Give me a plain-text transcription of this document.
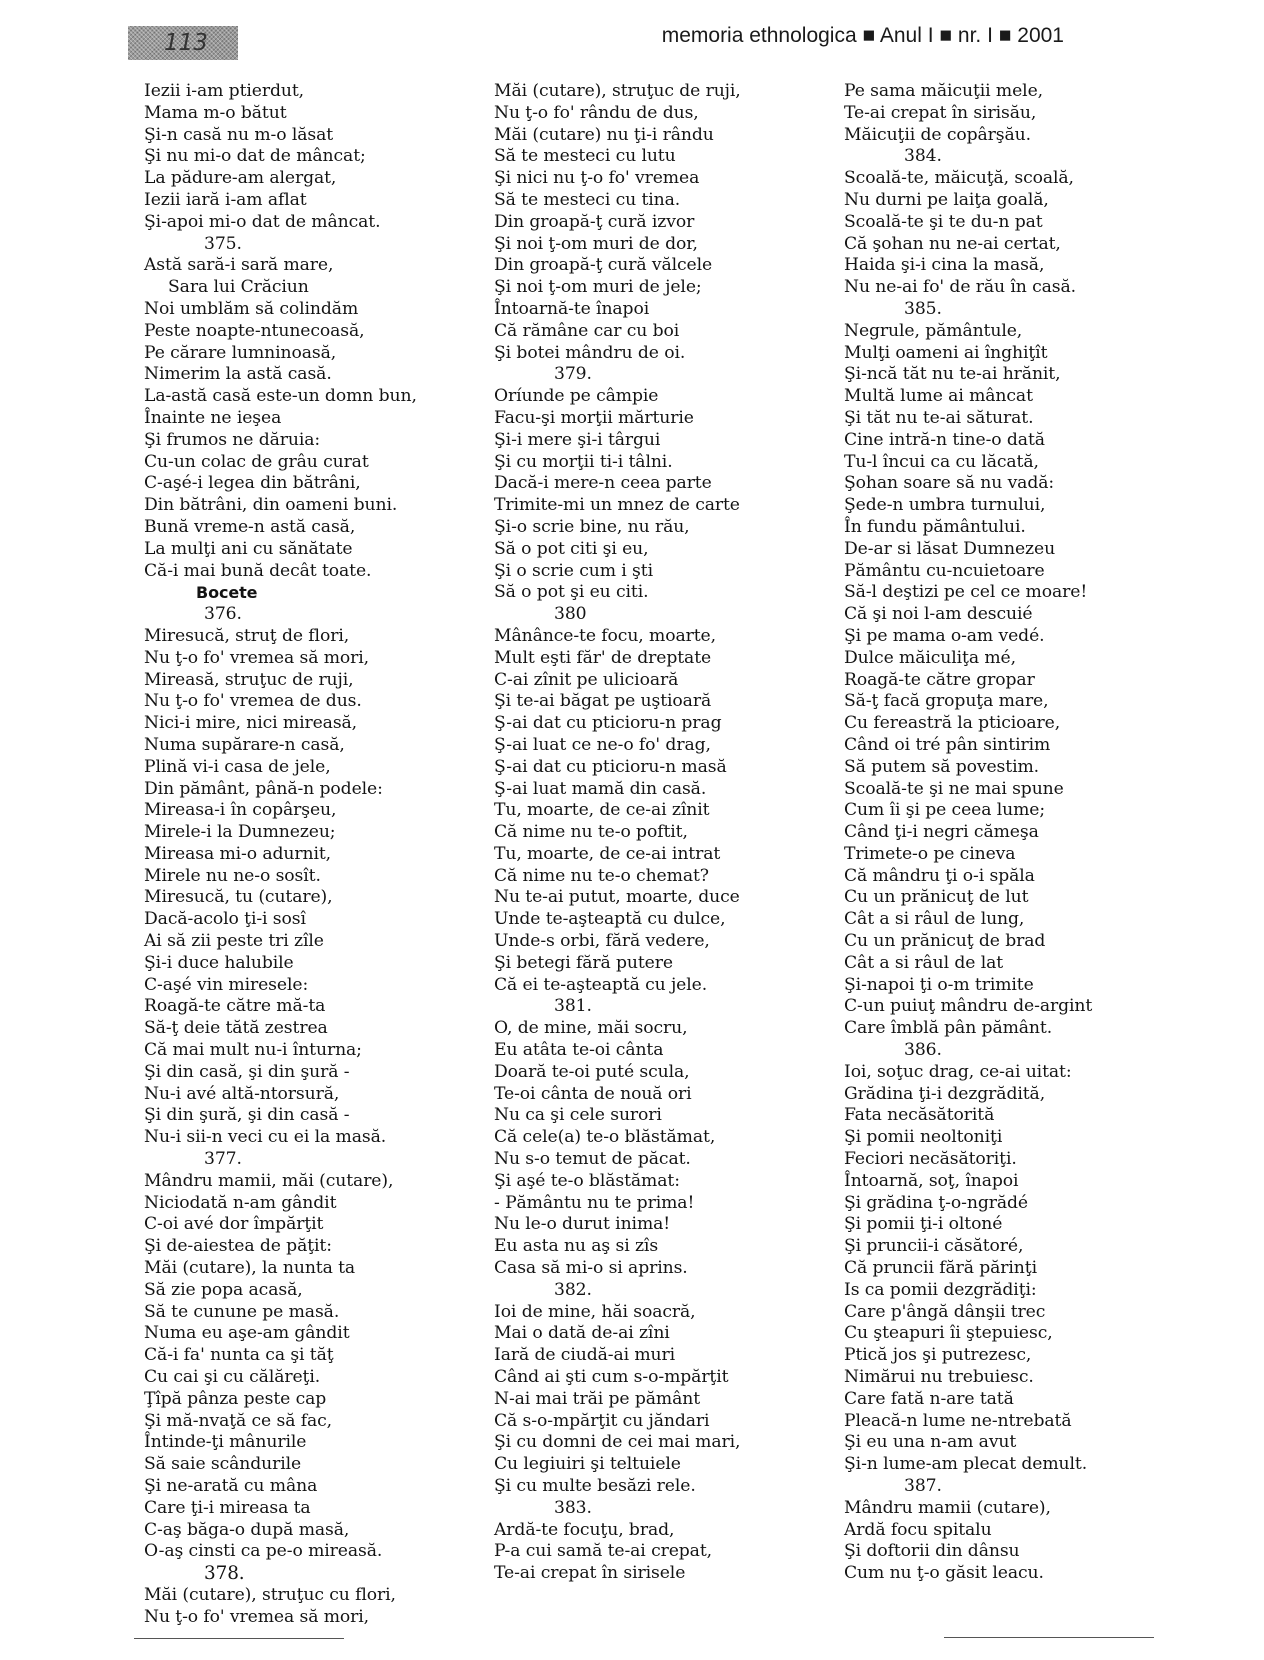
113	memoria ethnologica ■ Anul I ■ nr. I ■ 2001
Iezii i-am ptierdut,
Mama m-o bătut
Şi-n casă nu m-o lăsat
Şi nu mi-o dat de mâncat;
La pădure-am alergat,
Iezii iară i-am aflat
Şi-apoi mi-o dat de mâncat.
375.
Astă sară-i sară mare,
Sara lui Crăciun
Noi umblăm să colindăm
Peste noapte-ntunecoasă,
Pe cărare lumninoasă,
Nimerim la astă casă.
La-astă casă este-un domn bun,
Înainte ne ieşea
Şi frumos ne dăruia:
Cu-un colac de grâu curat
C-aşé-i legea din bătrâni,
Din bătrâni, din oameni buni.
Bună vreme-n astă casă,
La mulţi ani cu sănătate
Că-i mai bună decât toate.
Bocete
376.
Miresucă, struţ de flori,
Nu ţ-o fo' vremea să mori,
Mireasă, struţuc de ruji,
Nu ţ-o fo' vremea de dus.
Nici-i mire, nici mireasă,
Numa supărare-n casă,
Plină vi-i casa de jele,
Din pământ, până-n podele:
Mireasa-i în copârşeu,
Mirele-i la Dumnezeu;
Mireasa mi-o adurnit,
Mirele nu ne-o sosît.
Miresucă, tu (cutare),
Dacă-acolo ţi-i sosî
Ai să zii peste tri zîle
Şi-i duce halubile
C-aşé vin miresele:
Roagă-te către mă-ta
Să-ţ deie tătă zestrea
Că mai mult nu-i înturna;
Şi din casă, şi din şură -
Nu-i avé altă-ntorsură,
Şi din şură, şi din casă -
Nu-i sii-n veci cu ei la masă.
377.
Mândru mamii, măi (cutare),
Niciodată n-am gândit
C-oi avé dor împărţit
Şi de-aiestea de păţit:
Măi (cutare), la nunta ta
Să zie popa acasă,
Să te cunune pe masă.
Numa eu aşe-am gândit
Că-i fa' nunta ca şi tăţ
Cu cai şi cu călăreţi.
Ţîpă pânza peste cap
Şi mă-nvaţă ce să fac,
Întinde-ţi mânurile
Să saie scândurile
Şi ne-arată cu mâna
Care ţi-i mireasa ta
C-aş băga-o după masă,
O-aş cinsti ca pe-o mireasă.
378.
Măi (cutare), struţuc cu flori,
Nu ţ-o fo' vremea să mori,
Măi (cutare), struţuc de ruji,
Nu ţ-o fo' rându de dus,
Măi (cutare) nu ţi-i rându
Să te mesteci cu lutu
Şi nici nu ţ-o fo' vremea
Să te mesteci cu tina.
Din groapă-ţ cură izvor
Şi noi ţ-om muri de dor,
Din groapă-ţ cură vălcele
Şi noi ţ-om muri de jele;
Întoarnă-te înapoi
Că rămâne car cu boi
Şi botei mândru de oi.
379.
Oríunde pe câmpie
Facu-şi morţii mărturie
Şi-i mere şi-i târgui
Şi cu morţii ti-i tâlni.
Dacă-i mere-n ceea parte
Trimite-mi un mnez de carte
Şi-o scrie bine, nu rău,
Să o pot citi şi eu,
Şi o scrie cum i şti
Să o pot şi eu citi.
380
Mânânce-te focu, moarte,
Mult eşti făr' de dreptate
C-ai zînit pe ulicioară
Şi te-ai băgat pe uştioară
Ş-ai dat cu pticioru-n prag
Ş-ai luat ce ne-o fo' drag,
Ş-ai dat cu pticioru-n masă
Ş-ai luat mamă din casă.
Tu, moarte, de ce-ai zînit
Că nime nu te-o poftit,
Tu, moarte, de ce-ai intrat
Că nime nu te-o chemat?
Nu te-ai putut, moarte, duce
Unde te-aşteaptă cu dulce,
Unde-s orbi, fără vedere,
Şi betegi fără putere
Că ei te-aşteaptă cu jele.
381.
O, de mine, măi socru,
Eu atâta te-oi cânta
Doară te-oi puté scula,
Te-oi cânta de nouă ori
Nu ca şi cele surori
Că cele(a) te-o blăstămat,
Nu s-o temut de păcat.
Şi aşé te-o blăstămat:
- Pământu nu te prima!
Nu le-o durut inima!
Eu asta nu aş si zîs
Casa să mi-o si aprins.
382.
Ioi de mine, hăi soacră,
Mai o dată de-ai zîni
Iară de ciudă-ai muri
Când ai şti cum s-o-mpărţit
N-ai mai trăi pe pământ
Că s-o-mpărţit cu jăndari
Şi cu domni de cei mai mari,
Cu legiuiri şi teltuiele
Şi cu multe besăzi rele.
383.
Ardă-te focuţu, brad,
P-a cui samă te-ai crepat,
Te-ai crepat în sirisele
Pe sama măicuţii mele,
Te-ai crepat în sirisău,
Măicuţii de copârşău.
384.
Scoală-te, măicuţă, scoală,
Nu durni pe laiţa goală,
Scoală-te şi te du-n pat
Că şohan nu ne-ai certat,
Haida şi-i cina la masă,
Nu ne-ai fo' de rău în casă.
385.
Negrule, pământule,
Mulţi oameni ai înghiţît
Şi-ncă tăt nu te-ai hrănit,
Multă lume ai mâncat
Şi tăt nu te-ai săturat.
Cine intră-n tine-o dată
Tu-l încui ca cu lăcată,
Şohan soare să nu vadă:
Şede-n umbra turnului,
În fundu pământului.
De-ar si lăsat Dumnezeu
Pământu cu-ncuietoare
Să-l deştizi pe cel ce moare!
Că şi noi l-am descuié
Şi pe mama o-am vedé.
Dulce măiculiţa mé,
Roagă-te către gropar
Să-ţ facă gropuţa mare,
Cu fereastră la pticioare,
Când oi tré pân sintirim
Să putem să povestim.
Scoală-te şi ne mai spune
Cum îi şi pe ceea lume;
Când ţi-i negri cămeşa
Trimete-o pe cineva
Că mândru ţi o-i spăla
Cu un prănicuţ de lut
Cât a si râul de lung,
Cu un prănicuţ de brad
Cât a si râul de lat
Şi-napoi ţi o-m trimite
C-un puiuţ mândru de-argint
Care îmblă pân pământ.
386.
Ioi, soţuc drag, ce-ai uitat:
Grădina ţi-i dezgrădită,
Fata necăsătorită
Şi pomii neoltoniţi
Feciori necăsătoriţi.
Întoarnă, soţ, înapoi
Şi grădina ţ-o-ngrădé
Şi pomii ţi-i oltoné
Şi pruncii-i căsătoré,
Că pruncii fără părinţi
Is ca pomii dezgrădiţi:
Care p'ângă dânşii trec
Cu şteapuri îi ştepuiesc,
Ptică jos şi putrezesc,
Nimărui nu trebuiesc.
Care fată n-are tată
Pleacă-n lume ne-ntrebată
Şi eu una n-am avut
Şi-n lume-am plecat demult.
387.
Mândru mamii (cutare),
Ardă focu spitalu
Şi doftorii din dânsu
Cum nu ţ-o găsit leacu.
